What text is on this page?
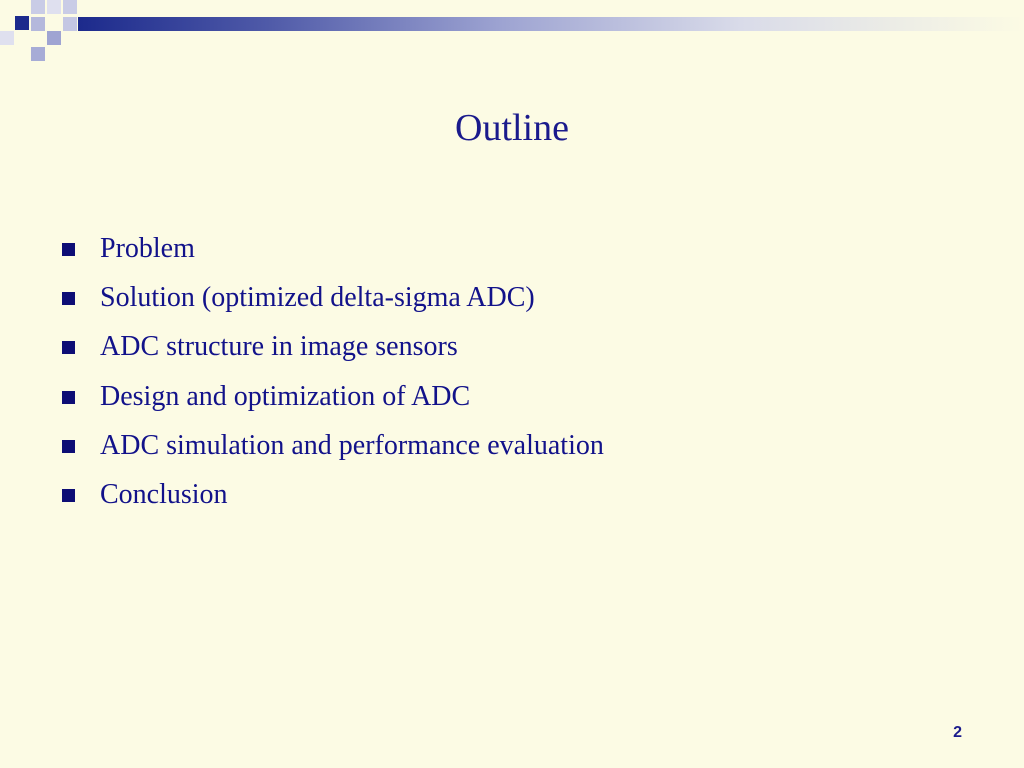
Outline
Problem
Solution (optimized delta-sigma ADC)
ADC structure in image sensors
Design and optimization of ADC
ADC simulation and performance evaluation
Conclusion
2
